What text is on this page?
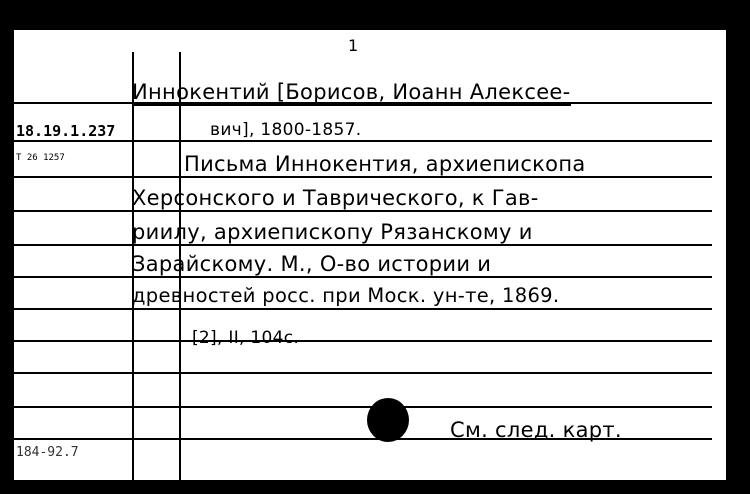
1
18.19.1.237
Т 26 1257
184-92.7
Иннокентий [Борисов, Иоанн Алексее-
вич], 1800-1857.
Письма Иннокентия, архиепископа
Херсонского и Таврического, к Гав-
риилу, архиепископу Рязанскому и
Зарайскому. М., О-во истории и
древностей росс. при Моск. ун-те, 1869.
[2], II, 104с.
См. след. карт.
